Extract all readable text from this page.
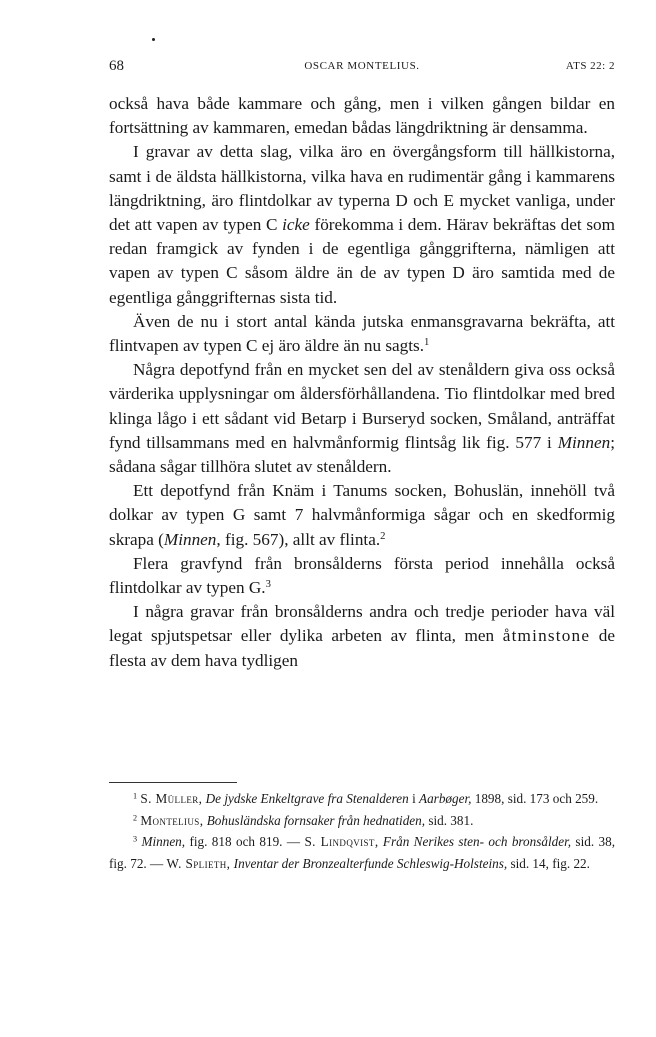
68	OSCAR MONTELIUS.	ATS 22: 2

också hava både kammare och gång, men i vilken gången bildar en fortsättning av kammaren, emedan bådas längdriktning är densamma.

I gravar av detta slag, vilka äro en övergångsform till hällkistorna, samt i de äldsta hällkistorna, vilka hava en rudimentär gång i kammarens längdriktning, äro flintdolkar av typerna D och E mycket vanliga, under det att vapen av typen C icke förekomma i dem. Härav bekräftas det som redan framgick av fynden i de egentliga gånggrifterna, nämligen att vapen av typen C såsom äldre än de av typen D äro samtida med de egentliga gånggrifternas sista tid.

Även de nu i stort antal kända jutska enmansgravarna bekräfta, att flintvapen av typen C ej äro äldre än nu sagts.$^1$

Några depotfynd från en mycket sen del av stenåldern giva oss också värderika upplysningar om åldersförhållandena. Tio flintdolkar med bred klinga lågo i ett sådant vid Betarp i Burseryd socken, Småland, anträffat fynd tillsammans med en halvmånformig flintsåg lik fig. 577 i Minnen; sådana sågar tillhöra slutet av stenåldern.

Ett depotfynd från Knäm i Tanums socken, Bohuslän, innehöll två dolkar av typen G samt 7 halvmånformiga sågar och en skedformig skrapa (Minnen, fig. 567), allt av flinta.$^2$

Flera gravfynd från bronsålderns första period innehålla också flintdolkar av typen G.$^3$

I några gravar från bronsålderns andra och tredje perioder hava väl legat spjutspetsar eller dylika arbeten av flinta, men åtminstone de flesta av dem hava tydligen

$^1$ S. Müller, De jydske Enkeltgrave fra Stenalderen i Aarbøger, 1898, sid. 173 och 259.

$^2$ Montelius, Bohusländska fornsaker från hednatiden, sid. 381.

$^3$ Minnen, fig. 818 och 819. — S. Lindqvist, Från Nerikes sten- och bronsålder, sid. 38, fig. 72. — W. Splieth, Inventar der Bronzealterfunde Schleswig-Holsteins, sid. 14, fig. 22.
